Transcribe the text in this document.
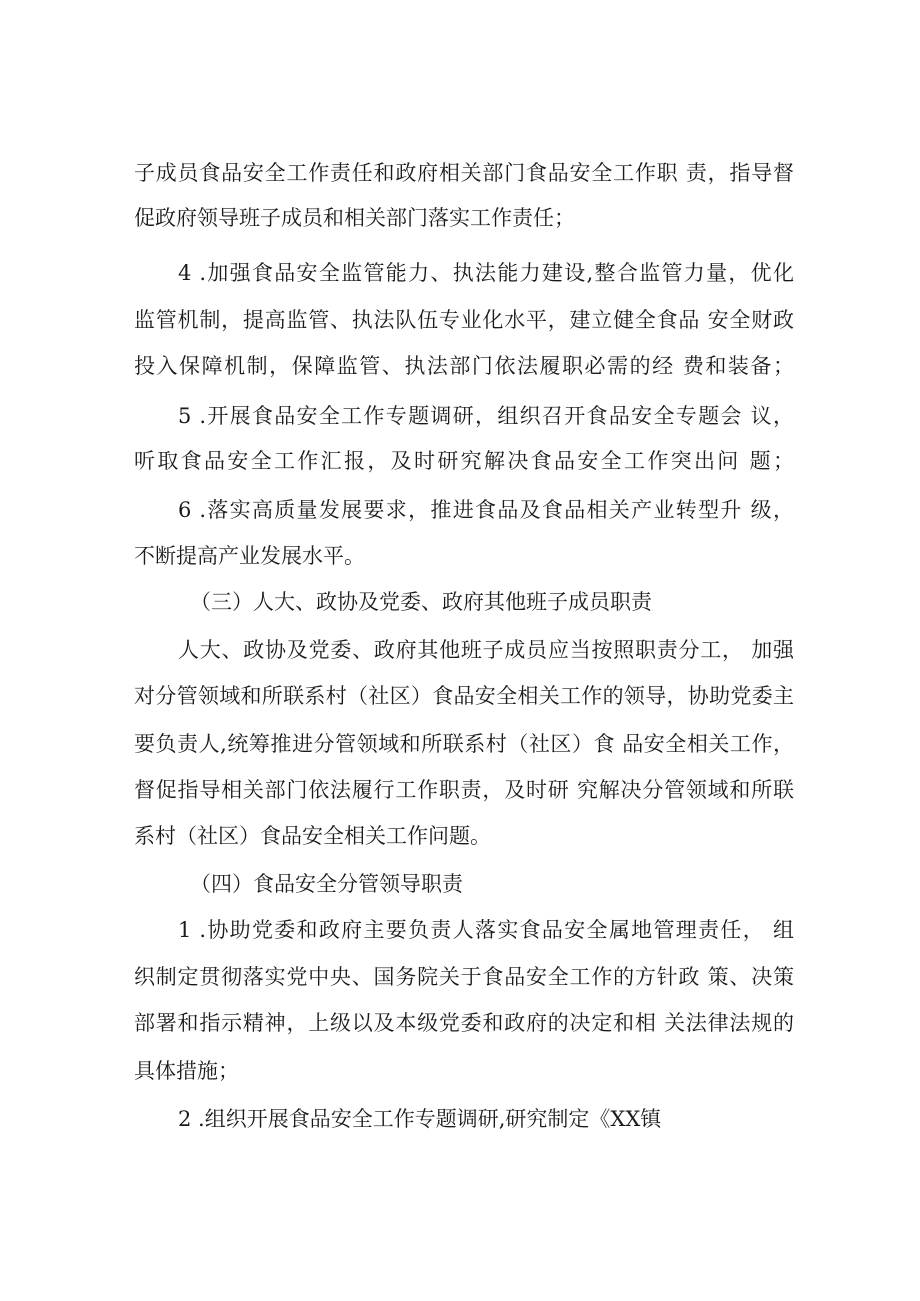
子成员食品安全工作责任和政府相关部门食品安全工作职 责，指导督
促政府领导班子成员和相关部门落实工作责任；
4 .加强食品安全监管能力、执法能力建设,整合监管力量，优化
监管机制，提高监管、执法队伍专业化水平，建立健全食品 安全财政
投入保障机制，保障监管、执法部门依法履职必需的经 费和装备；
5 .开展食品安全工作专题调研，组织召开食品安全专题会 议，
听取食品安全工作汇报，及时研究解决食品安全工作突出问 题；
6 .落实高质量发展要求，推进食品及食品相关产业转型升 级，
不断提高产业发展水平。
（三）人大、政协及党委、政府其他班子成员职责
人大、政协及党委、政府其他班子成员应当按照职责分工， 加强
对分管领域和所联系村（社区）食品安全相关工作的领导，协助党委主
要负责人,统筹推进分管领域和所联系村（社区）食 品安全相关工作，
督促指导相关部门依法履行工作职责，及时研 究解决分管领域和所联
系村（社区）食品安全相关工作问题。
（四）食品安全分管领导职责
1 .协助党委和政府主要负责人落实食品安全属地管理责任， 组
织制定贯彻落实党中央、国务院关于食品安全工作的方针政 策、决策
部署和指示精神，上级以及本级党委和政府的决定和相 关法律法规的
具体措施；
2 .组织开展食品安全工作专题调研,研究制定《XX镇
